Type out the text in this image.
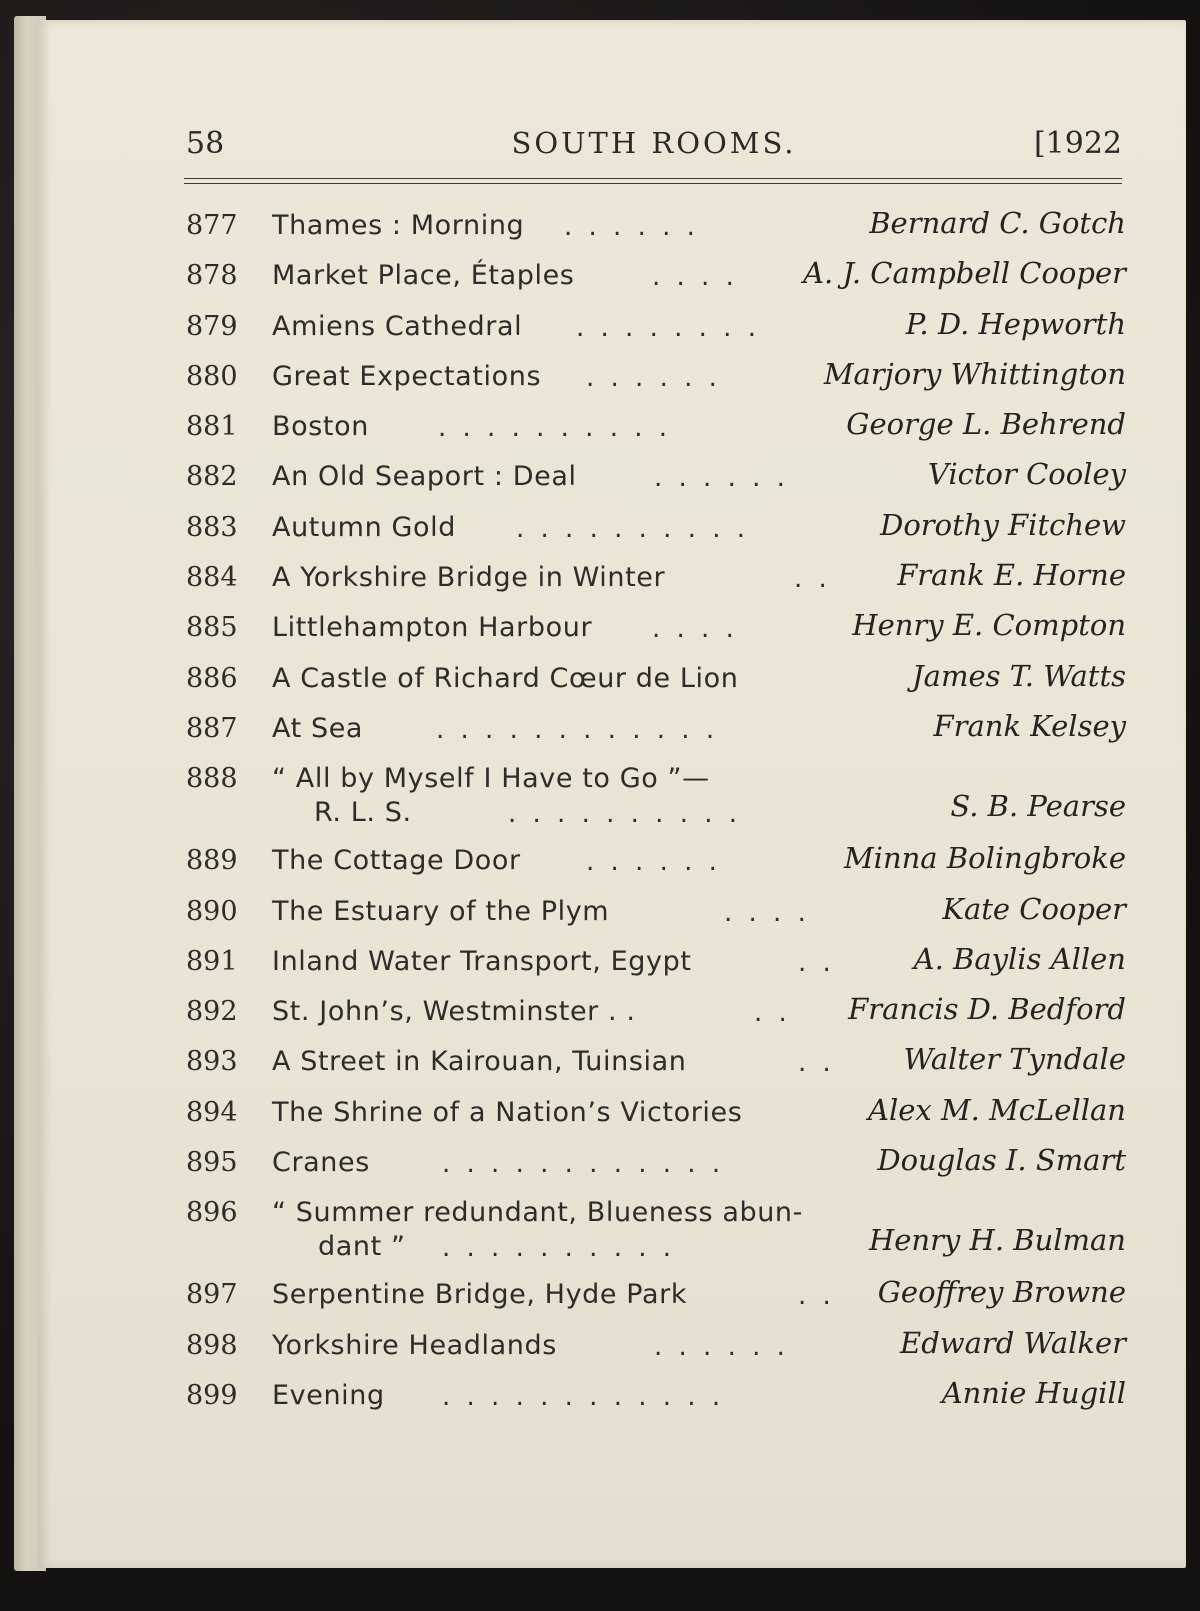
58	SOUTH ROOMS.	[1922
877 Thames : Morning	. . . . . .	Bernard C. Gotch
878 Market Place, Étaples	. . . . A. J. Campbell Cooper
879 Amiens Cathedral	. . . . . . . .	P. D. Hepworth
880 Great Expectations	. . . . . .	Marjory Whittington
881 Boston	. . . . . . . . . .	George L. Behrend
882 An Old Seaport : Deal	. . . . . .	Victor Cooley
883 Autumn Gold	. . . . . . . . . .	Dorothy Fitchew
884 A Yorkshire Bridge in Winter	. . Frank E. Horne
885 Littlehampton Harbour	. . . .	Henry E. Compton
886 A Castle of Richard Cœur de Lion	James T. Watts
887 At Sea	. . . . . . . . . . . .	Frank Kelsey
888 “ All by Myself I Have to Go ”—
R. L. S.	. . . . . . . . . .	S. B. Pearse
889 The Cottage Door	. . . . . .	Minna Bolingbroke
890 The Estuary of the Plym	. . . .	Kate Cooper
891 Inland Water Transport, Egypt	. .	A. Baylis Allen
892 St. John’s, Westminster . .	. . Francis D. Bedford
893 A Street in Kairouan, Tuinsian	. . Walter Tyndale
894 The Shrine of a Nation’s Victories	Alex M. McLellan
895 Cranes	. . . . . . . . . . . .	Douglas I. Smart
896 “ Summer redundant, Blueness abun-
dant ” . . . . . . . . . .	Henry H. Bulman
897 Serpentine Bridge, Hyde Park	. . Geoffrey Browne
898 Yorkshire Headlands	. . . . . .	Edward Walker
899 Evening	. . . . . . . . . . . .	Annie Hugill
